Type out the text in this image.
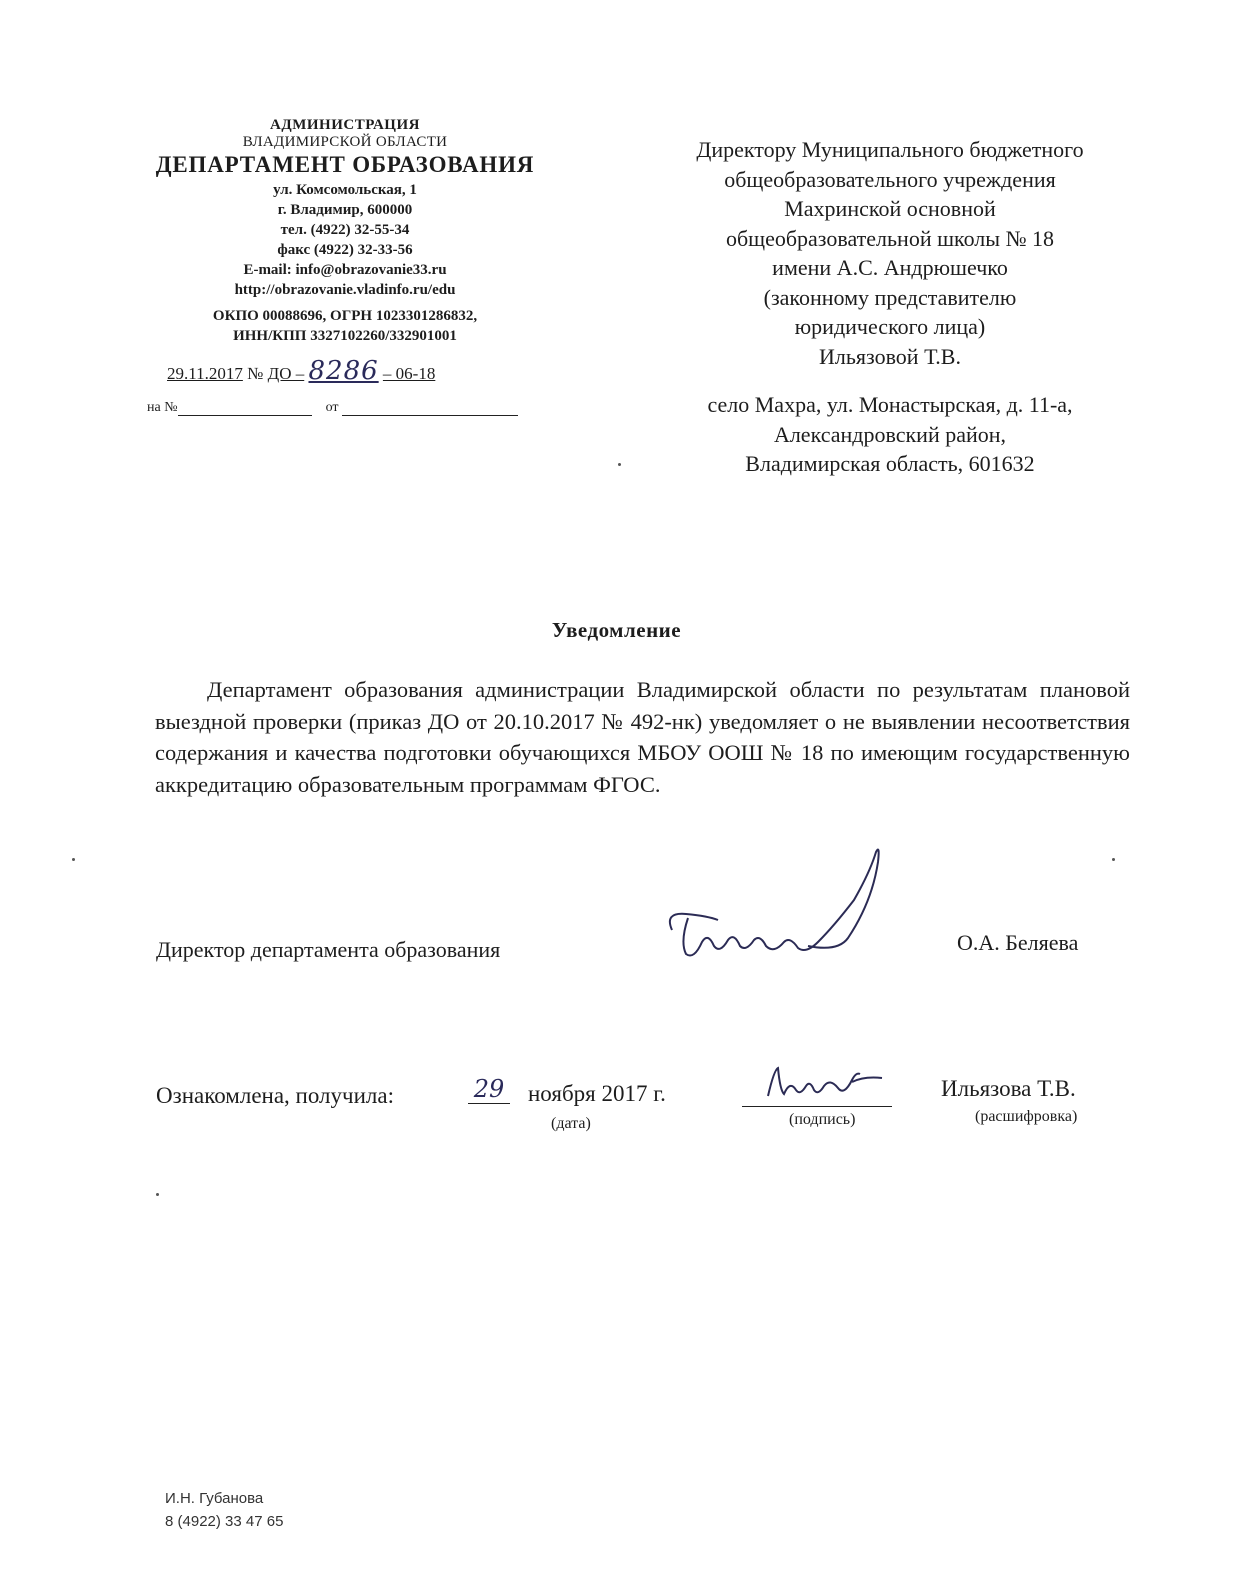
АДМИНИСТРАЦИЯ
ВЛАДИМИРСКОЙ ОБЛАСТИ
ДЕПАРТАМЕНТ ОБРАЗОВАНИЯ
ул. Комсомольская, 1
г. Владимир, 600000
тел. (4922) 32-55-34
факс (4922) 32-33-56
E-mail: info@obrazovanie33.ru
http://obrazovanie.vladinfo.ru/edu
ОКПО 00088696, ОГРН 1023301286832,
ИНН/КПП 3327102260/332901001
29.11.2017 № ДО – 8286 – 06-18
на №	от
Директору Муниципального бюджетного
общеобразовательного учреждения
Махринской основной
общеобразовательной школы № 18
имени А.С. Андрюшечко
(законному представителю
юридического лица)
Ильязовой Т.В.
село Махра, ул. Монастырская, д. 11-а,
Александровский район,
Владимирская область, 601632
Уведомление
Департамент образования администрации Владимирской области по результатам плановой выездной проверки (приказ ДО от 20.10.2017 № 492-нк) уведомляет о не выявлении несоответствия содержания и качества подготовки обучающихся МБОУ ООШ № 18 по имеющим государственную аккредитацию образовательным программам ФГОС.
Директор департамента образования	О.А. Беляева
Ознакомлена, получила:	29 ноября 2017 г.
(дата)	(подпись)
Ильязова Т.В.
(расшифровка)
И.Н. Губанова
8 (4922) 33 47 65
